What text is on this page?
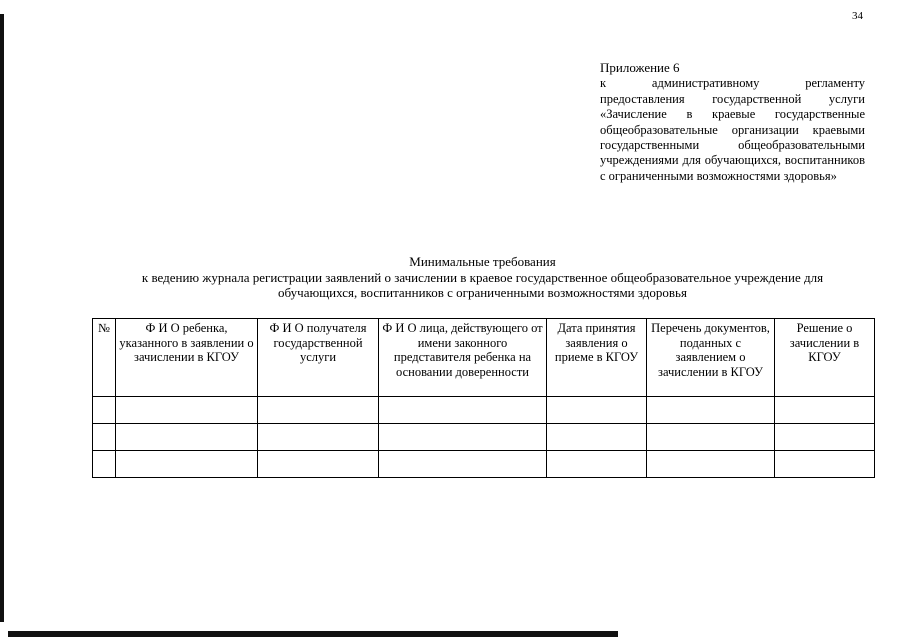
34
Приложение 6
к административному регламенту предоставления государственной услуги «Зачисление в краевые государственные общеобразовательные организации краевыми государственными общеобразовательными учреждениями для обучающихся, воспитанников с ограниченными возможностями здоровья»
Минимальные требования
к ведению журнала регистрации заявлений о зачислении в краевое государственное общеобразовательное учреждение для
обучающихся, воспитанников с ограниченными возможностями здоровья
№	Ф И О ребенка, указанного в заявлении о зачислении в КГОУ	Ф И О получателя государственной услуги	Ф И О лица, действующего от имени законного представителя ребенка на основании доверенности	Дата принятия заявления о приеме в КГОУ	Перечень документов, поданных с заявлением о зачислении в КГОУ	Решение о зачислении в КГОУ
